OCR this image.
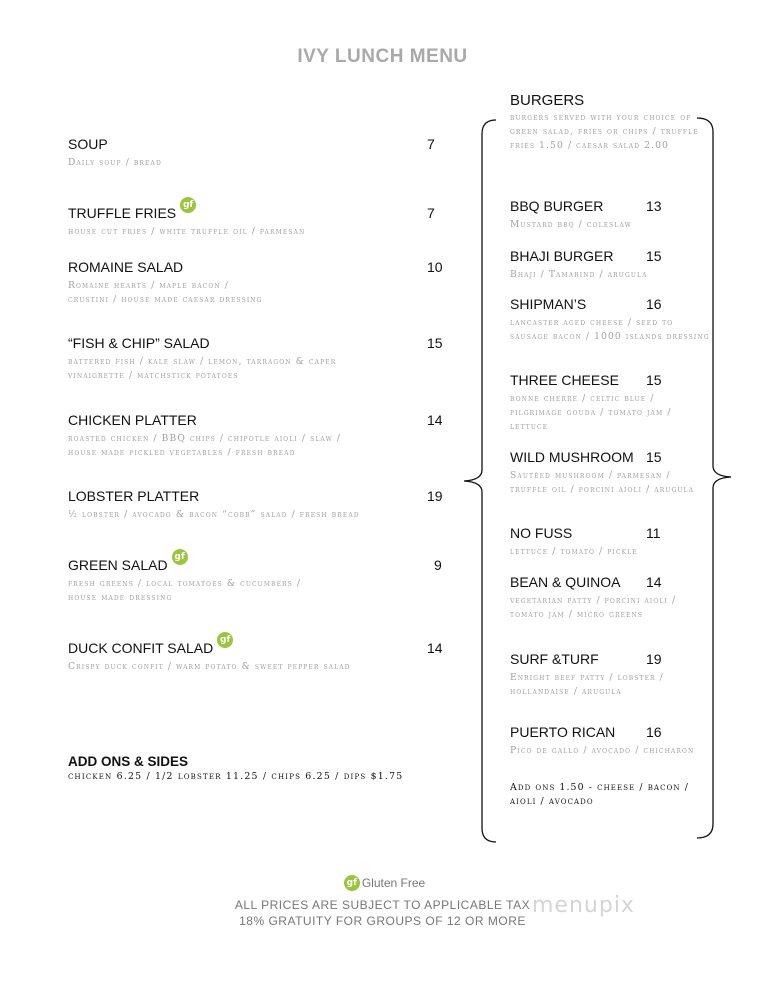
IVY LUNCH MENU
SOUP	7
Daily soup / bread
TRUFFLE FRIES gf	7
house cut fries / white truffle oil / parmesan
ROMAINE SALAD	10
Romaine hearts / maple bacon /
crustini / house made caesar dressing
“FISH & CHIP” SALAD	15
battered fish / kale slaw / lemon, tarragon & caper
vinaigrette / matchstick potatoes
CHICKEN PLATTER	14
roasted chicken / BBQ chips / chipotle aioli / slaw /
house made pickled vegetables / fresh bread
LOBSTER PLATTER	19
½ lobster / avocado & bacon “cobb” salad / fresh bread
GREEN SALAD gf	9
fresh greens / local tomatoes & cucumbers /
house made dressing
DUCK CONFIT SALAD gf	14
Crispy duck confit / warm potato & sweet pepper salad
ADD ONS & SIDES
chicken 6.25 / 1/2 lobster 11.25 / chips 6.25 / dips $1.75
BURGERS
burgers served with your choice of green salad, fries or chips / truffle fries 1.50 / caesar salad 2.00
BBQ BURGER	13
Mustard bbq / coleslaw
BHAJI BURGER 15
Bhaji / Tamarind / arugula
SHIPMAN’S	16
lancaster aged cheese / seed to sausage bacon / 1000 islands dressing
THREE CHEESE 15
bonne cherre / celtic blue / pilgrimage gouda / tomato jam / lettuce
WILD MUSHROOM 15
Sautéed mushroom / parmesan / truffle oil / porcini aioli / arugula
NO FUSS	11
lettuce / tomato / pickle
BEAN & QUINOA 14
vegetarian patty / porcini aioli / tomato jam / micro greens
SURF &TURF	19
Enright beef patty / lobster / hollandaise / arugula
PUERTO RICAN 16
Pico de gallo / avocado / chicharon
Add ons 1.50 - cheese / bacon / aioli / avocado
gf Gluten Free
ALL PRICES ARE SUBJECT TO APPLICABLE TAX
18% GRATUITY FOR GROUPS OF 12 OR MORE
menupix
